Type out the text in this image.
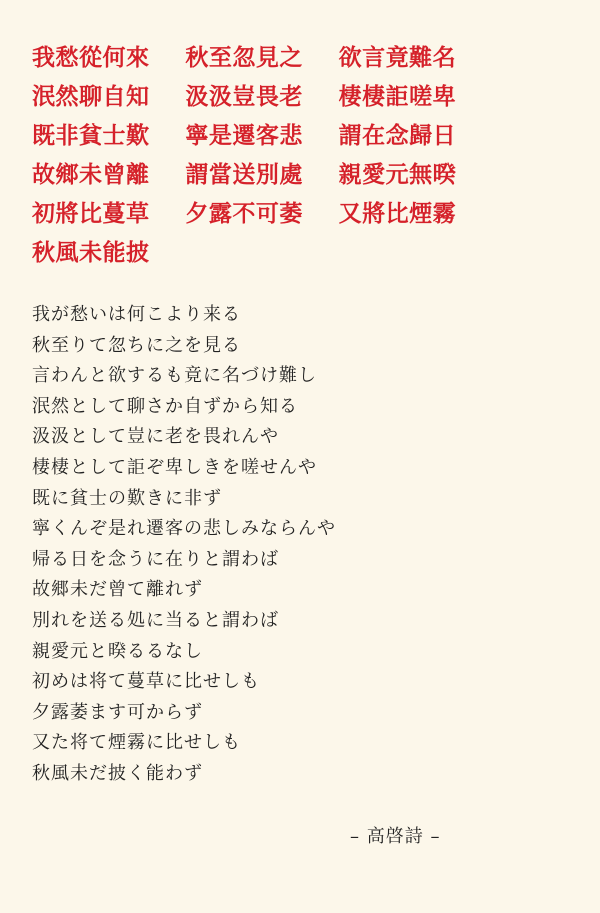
我愁從何來	秋至忽見之	欲言竟難名
泯然聊自知	汲汲豈畏老	棲棲詎嗟卑
既非貧士歎	寧是遷客悲	謂在念歸日
故鄉未曾離	謂當送別處	親愛元無暌
初將比蔓草	夕露不可萎	又將比煙霧
秋風未能披
我が愁いは何こより来る
秋至りて忽ちに之を見る
言わんと欲するも竟に名づけ難し
泯然として聊さか自ずから知る
汲汲として豈に老を畏れんや
棲棲として詎ぞ卑しきを嗟せんや
既に貧士の歎きに非ず
寧くんぞ是れ遷客の悲しみならんや
帰る日を念うに在りと謂わば
故郷未だ曾て離れず
別れを送る処に当ると謂わば
親愛元と暌るるなし
初めは将て蔓草に比せしも
夕露萎ます可からず
又た将て煙霧に比せしも
秋風未だ披く能わず
– 高啓詩 –
